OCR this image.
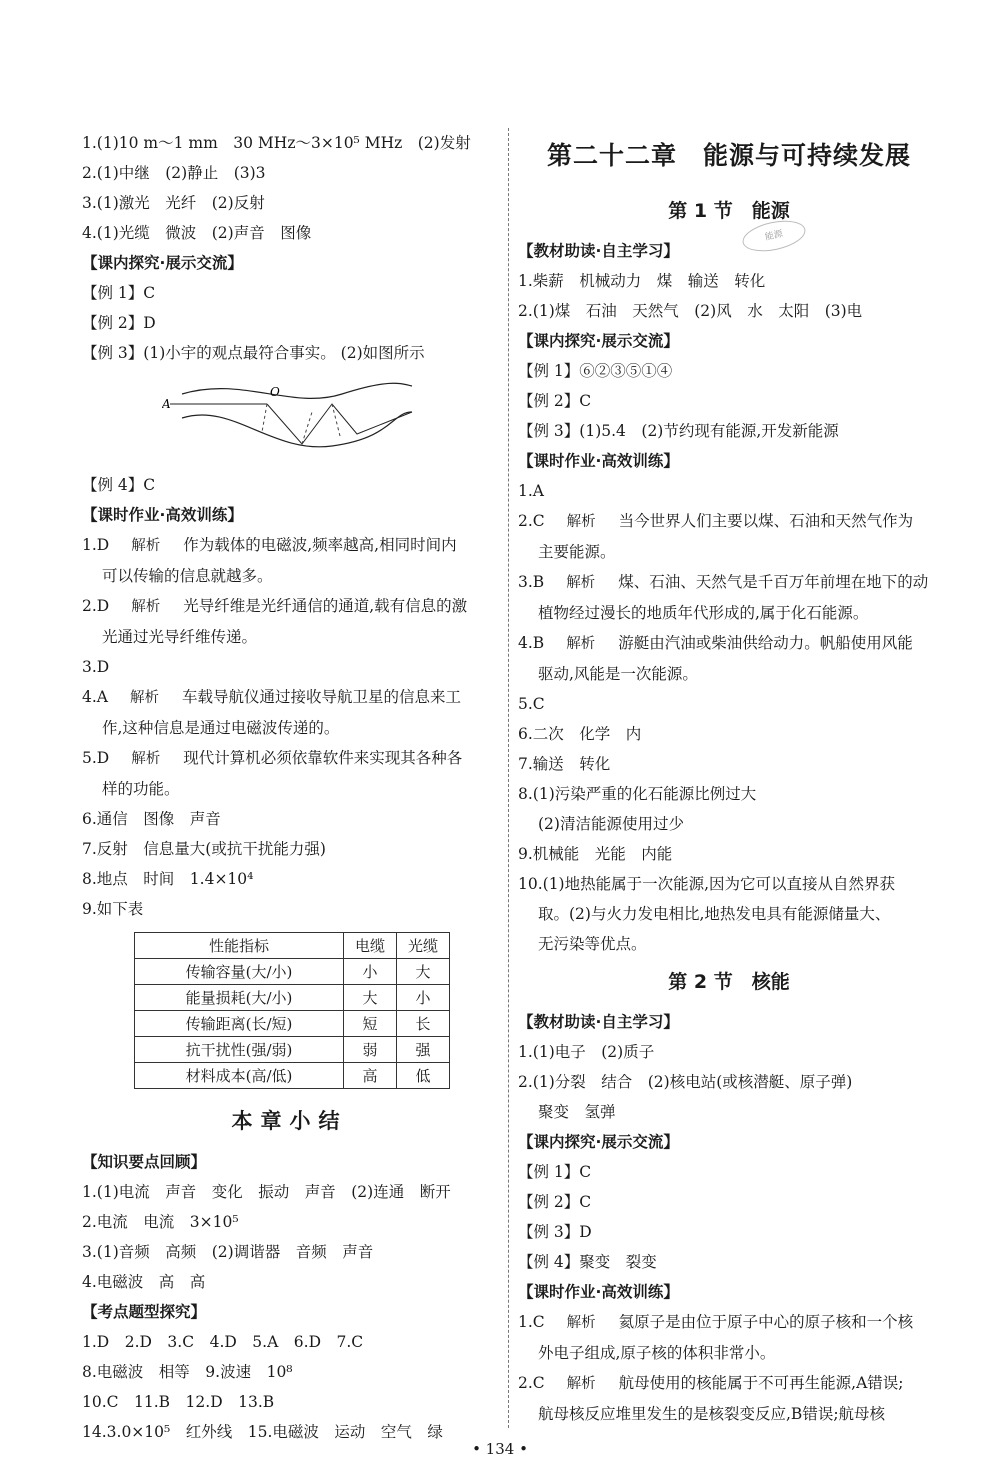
1.(1)10 m～1 mm　30 MHz～3×10⁵ MHz　(2)发射
2.(1)中继　(2)静止　(3)3
3.(1)激光　光纤　(2)反射
4.(1)光缆　微波　(2)声音　图像
【课内探究·展示交流】
【例 1】C
【例 2】D
【例 3】(1)小宇的观点最符合事实。 (2)如图所示
A
O
【例 4】C
【课时作业·高效训练】
1.D 解析 作为载体的电磁波,频率越高,相同时间内
可以传输的信息就越多。
2.D 解析 光导纤维是光纤通信的通道,载有信息的激
光通过光导纤维传递。
3.D
4.A 解析 车载导航仪通过接收导航卫星的信息来工
作,这种信息是通过电磁波传递的。
5.D 解析 现代计算机必须依靠软件来实现其各种各
样的功能。
6.通信　图像　声音
7.反射　信息量大(或抗干扰能力强)
8.地点　时间　1.4×10⁴
9.如下表
性能指标	电缆	光缆
传输容量(大/小)	小	大
能量损耗(大/小)	大	小
传输距离(长/短)	短	长
抗干扰性(强/弱)	弱	强
材料成本(高/低)	高	低
本章小结
【知识要点回顾】
1.(1)电流　声音　变化　振动　声音　(2)连通　断开
2.电流　电流　3×10⁵
3.(1)音频　高频　(2)调谐器　音频　声音
4.电磁波　高　高
【考点题型探究】
1.D　2.D　3.C　4.D　5.A　6.D　7.C
8.电磁波　相等　9.波速　10⁸
10.C　11.B　12.D　13.B
14.3.0×10⁵　红外线　15.电磁波　运动　空气　绿
第二十二章　能源与可持续发展
第 1 节　能源
【教材助读·自主学习】
1.柴薪　机械动力　煤　输送　转化
2.(1)煤　石油　天然气　(2)风　水　太阳　(3)电
【课内探究·展示交流】
【例 1】⑥②③⑤①④
【例 2】C
【例 3】(1)5.4　(2)节约现有能源,开发新能源
【课时作业·高效训练】
1.A
2.C 解析 当今世界人们主要以煤、石油和天然气作为
主要能源。
3.B 解析 煤、石油、天然气是千百万年前埋在地下的动
植物经过漫长的地质年代形成的,属于化石能源。
4.B 解析 游艇由汽油或柴油供给动力。帆船使用风能
驱动,风能是一次能源。
5.C
6.二次　化学　内
7.输送　转化
8.(1)污染严重的化石能源比例过大
(2)清洁能源使用过少
9.机械能　光能　内能
10.(1)地热能属于一次能源,因为它可以直接从自然界获
取。(2)与火力发电相比,地热发电具有能源储量大、
无污染等优点。
第 2 节　核能
【教材助读·自主学习】
1.(1)电子　(2)质子
2.(1)分裂　结合　(2)核电站(或核潜艇、原子弹)
聚变　氢弹
【课内探究·展示交流】
【例 1】C
【例 2】C
【例 3】D
【例 4】聚变　裂变
【课时作业·高效训练】
1.C 解析 氦原子是由位于原子中心的原子核和一个核
外电子组成,原子核的体积非常小。
2.C 解析 航母使用的核能属于不可再生能源,A错误;
航母核反应堆里发生的是核裂变反应,B错误;航母核
能源
• 134 •
